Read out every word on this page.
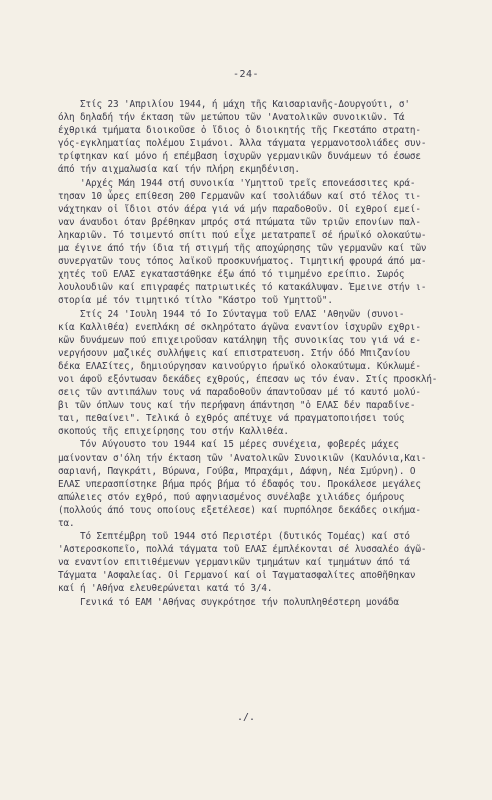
-24-
Στίς 23 'Απριλίου 1944, ή μάχη τῆς Καισαριανῆς-Δουργούτι, σ'
όλη δηλαδή τήν έκταση τῶν μετώπου τῶν 'Ανατολικῶν συνοικιῶν. Τά
έχθρικά τμήματα διοικοῦσε ὁ ἴδιος ὁ διοικητής τῆς Γκεστάπο στρατη-
γός-εγκληματίας πολέμου Σιμάνοι. Άλλα τάγματα γερμανοτσολιάδες συν-
τρίφτηκαν καί μόνο ή επέμβαση ἰσχυρῶν γερμανικῶν δυνάμεων τό έσωσε
άπό τήν αιχμαλωσία καί τήν πλήρη εκμηδένιση.
'Αρχές Μάη 1944 στή συνοικία 'Υμηττοῦ τρεῖς επονεάσσιτες κρά-
τησαν 10 ὧρες επίθεση 200 Γερμανῶν καί τσολιάδων καί στό τέλος τι-
νάχτηκαν οἱ ἴδιοι στόν άέρα γιά νά μήν παραδοθοῦν. Οἱ εχθροί εμεί-
ναν άναυδοι όταν βρέθηκαν μπρός στά πτώματα τῶν τριῶν επονίων παλ-
ληκαριῶν. Τό τσιμεντό σπίτι πού εἶχε μετατραπεῖ σέ ήρωϊκό ολοκαύτω-
μα έγινε άπό τήν ίδια τή στιγμή τῆς αποχώρησης τῶν γερμανῶν καί τῶν
συνεργατῶν τους τόπος λαϊκοῦ προσκυνήματος. Τιμητική φρουρά άπό μα-
χητές τοῦ ΕΛΑΣ εγκαταστάθηκε έξω άπό τό τιμημένο ερείπιο. Σωρός
λουλουδιῶν καί επιγραφές πατριωτικές τό κατακάλυψαν. Έμεινε στήν ι-
στορία μέ τόν τιμητικό τίτλο "Κάστρο τοῦ Υμηττοῦ".
Στίς 24 'Ιουλη 1944 τό Ιο Σύνταγμα τοῦ ΕΛΑΣ 'Αθηνῶν (συνοι-
κία Καλλιθέα) ενεπλάκη σέ σκληρότατο άγῶνα εναντίον ἰσχυρῶν εχθρι-
κῶν δυνάμεων πού επιχειροῦσαν κατάληψη τῆς συνοικίας του γιά νά ε-
νεργήσουν μαζικές συλλήψεις καί επιστρατευση. Στήν όδό Μπιζανίου
δέκα ΕΛΑΣίτες, δημιούργησαν καινούργιο ήρωϊκό ολοκαύτωμα. Κύκλωμέ-
νοι άφοῦ εξόντωσαν δεκάδες εχθρούς, έπεσαν ως τόν έναν. Στίς προσκλή-
σεις τῶν αντιπάλων τους νά παραδοθοῦν άπαντοῦσαν μέ τό καυτό μολύ-
βι τῶν όπλων τους καί τήν περήφανη άπάντηση "ὁ ΕΛΑΣ δέν παραδίνε-
ται, πεθαίνει". Τελικά ὁ εχθρός απέτυχε νά πραγματοποιήσει τούς
σκοπούς τῆς επιχείρησης του στήν Καλλιθέα.
Τόν Αύγουστο του 1944 καί 15 μέρες συνέχεια, φοβερές μάχες
μαίνονταν σ'όλη τήν έκταση τῶν 'Ανατολικῶν Συνοικιῶν (Καυλόνια,Και-
σαριανή, Παγκράτι, Βύρωνα, Γούβα, Μπραχάμι, Δάφνη, Νέα Σμύρνη). Ο
ΕΛΑΣ υπερασπίστηκε βήμα πρός βήμα τό έδαφός του. Προκάλεσε μεγάλες
απώλειες στόν εχθρό, πού αφηνιασμένος συνέλαβε χιλιάδες όμήρους
(πολλούς άπό τους οποίους εξετέλεσε) καί πυρπόλησε δεκάδες οικήμα-
τα.
Τό Σεπτέμβρη τοῦ 1944 στό Περιστέρι (δυτικός Τομέας) καί στό
'Αστεροσκοπεῖο, πολλά τάγματα τοῦ ΕΛΑΣ έμπλέκονται σέ λυσσαλέο άγῶ-
να εναντίον επιτιθέμενων γερμανικῶν τμημάτων καί τμημάτων άπό τά
Τάγματα 'Ασφαλείας. Οἱ Γερμανοί καί οἱ Ταγματασφαλίτες αποθῆθηκαν
καί ή 'Αθήνα ελευθερώνεται κατά τό 3/4.
Γενικά τό ΕΑΜ 'Αθήνας συγκρότησε τήν πολυπληθέστερη μονάδα
./.
